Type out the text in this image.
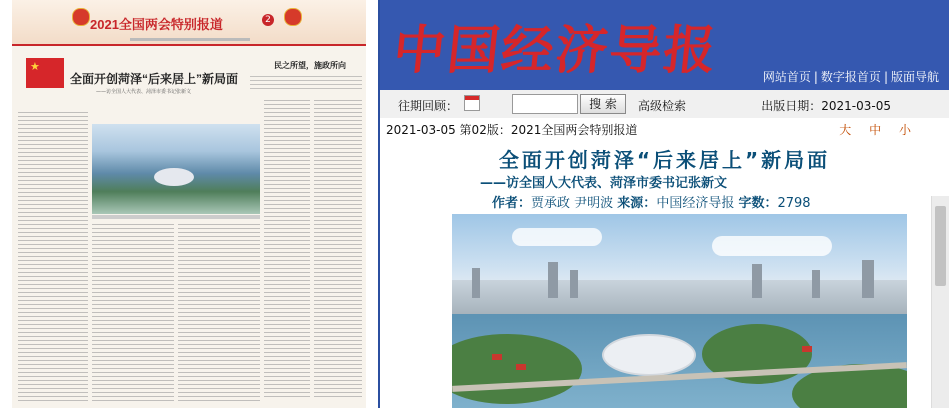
2021全国两会特别报道	2
★
全面开创菏泽“后来居上”新局面
——访全国人大代表、菏泽市委书记张新文
民之所望，施政所向 中国经济导报	网站首页 | 数字报首页 | 版面导航
往期回顾：	搜 索	高级检索	出版日期：2021-03-05
2021-03-05 第02版：2021全国两会特别报道	大 中 小
全面开创菏泽“后来居上”新局面
——访全国人大代表、菏泽市委书记张新文
作者：贾承政 尹明波 来源：中国经济导报 字数：2798
